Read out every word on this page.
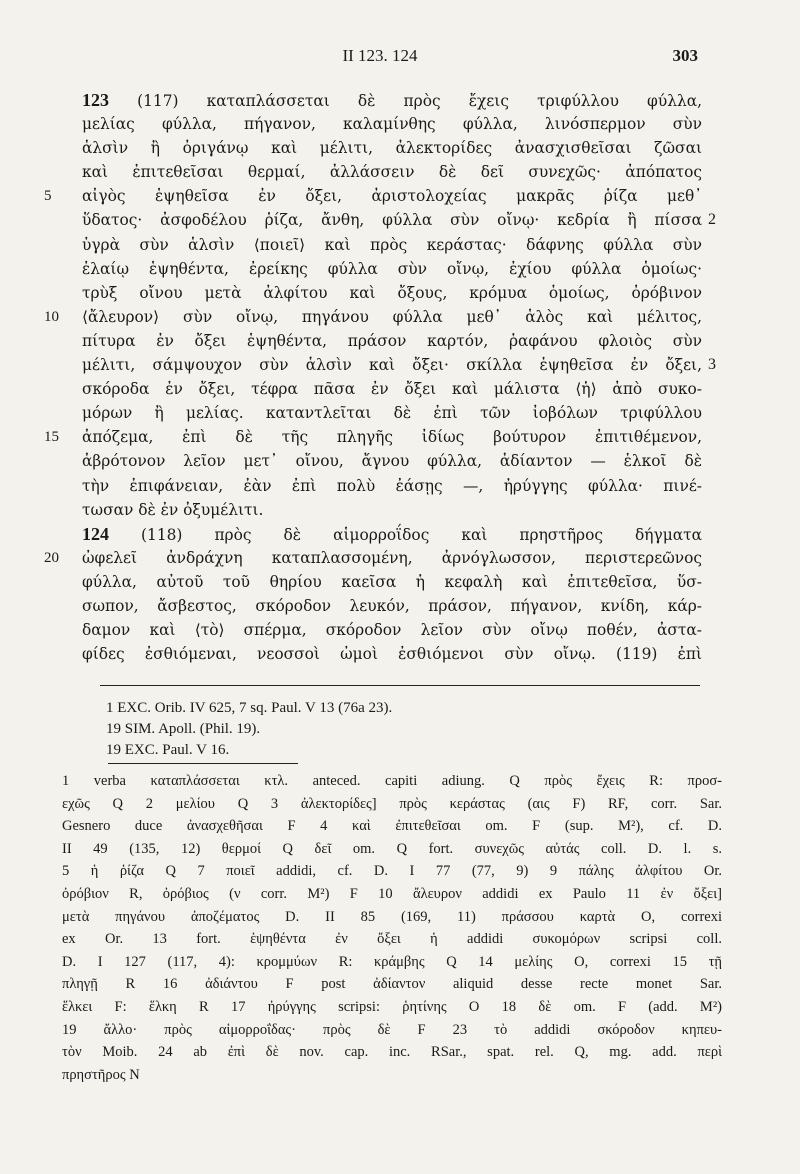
II 123. 124	303
123 (117) καταπλάσσεται δὲ πρὸς ἔχεις τριφύλλου φύλλα,
μελίας φύλλα, πήγανον, καλαμίνθης φύλλα, λινόσπερμον σὺν
ἁλσὶν ἢ ὀριγάνῳ καὶ μέλιτι, ἀλεκτορίδες ἀνασχισθεῖσαι ζῶσαι
καὶ ἐπιτεθεῖσαι θερμαί, ἀλλάσσειν δὲ δεῖ συνεχῶς· ἀπόπατος
5	αἰγὸς ἑψηθεῖσα ἐν ὄξει, ἀριστολοχείας μακρᾶς ῥίζα μεθ᾽
ὕδατος· ἀσφοδέλου ῥίζα, ἄνθη, φύλλα σὺν οἴνῳ· κεδρία ἢ πίσσα 2
ὑγρὰ σὺν ἁλσὶν ⟨ποιεῖ⟩ καὶ πρὸς κεράστας· δάφνης φύλλα σὺν
ἐλαίῳ ἑψηθέντα, ἐρείκης φύλλα σὺν οἴνῳ, ἐχίου φύλλα ὁμοίως·
τρὺξ οἴνου μετὰ ἀλφίτου καὶ ὄξους, κρόμυα ὁμοίως, ὀρόβινον
10	⟨ἄλευρον⟩ σὺν οἴνῳ, πηγάνου φύλλα μεθ᾽ ἁλὸς καὶ μέλιτος,
πίτυρα ἐν ὄξει ἑψηθέντα, πράσον καρτόν, ῥαφάνου φλοιὸς σὺν
μέλιτι, σάμψουχον σὺν ἁλσὶν καὶ ὄξει· σκίλλα ἑψηθεῖσα ἐν ὄξει, 3
σκόροδα ἐν ὄξει, τέφρα πᾶσα ἐν ὄξει καὶ μάλιστα ⟨ἡ⟩ ἀπὸ συκο-
μόρων ἢ μελίας. καταντλεῖται δὲ ἐπὶ τῶν ἰοβόλων τριφύλλου
15	ἀπόζεμα, ἐπὶ δὲ τῆς πληγῆς ἰδίως βούτυρον ἐπιτιθέμενον,
ἀβρότονον λεῖον μετ᾽ οἴνου, ἄγνου φύλλα, ἀδίαντον — ἑλκοῖ δὲ
τὴν ἐπιφάνειαν, ἐὰν ἐπὶ πολὺ ἐάσῃς —, ἠρύγγης φύλλα· πινέ-
τωσαν δὲ ἐν ὀξυμέλιτι.
124 (118) πρὸς δὲ αἱμορροΐδος καὶ πρηστῆρος δήγματα
20	ὠφελεῖ ἀνδράχνη καταπλασσομένη, ἀρνόγλωσσον, περιστερεῶνος
φύλλα, αὐτοῦ τοῦ θηρίου καεῖσα ἡ κεφαλὴ καὶ ἐπιτεθεῖσα, ὕσ-
σωπον, ἄσβεστος, σκόροδον λευκόν, πράσον, πήγανον, κνίδη, κάρ-
δαμον καὶ ⟨τὸ⟩ σπέρμα, σκόροδον λεῖον σὺν οἴνῳ ποθέν, ἀστα-
φίδες ἐσθιόμεναι, νεοσσοὶ ὠμοὶ ἐσθιόμενοι σὺν οἴνῳ. (119) ἐπὶ
1 EXC. Orib. IV 625, 7 sq. Paul. V 13 (76a 23).
19 SIM. Apoll. (Phil. 19).
19 EXC. Paul. V 16.
1 verba καταπλάσσεται κτλ. anteced. capiti adiung. Q πρὸς ἔχεις R: προσ-
εχῶς Q 2 μελίου Q 3 ἀλεκτορίδες] πρὸς κεράστας (αις F) RF, corr. Sar.
Gesnero duce ἀνασχεθῆσαι F 4 καὶ ἐπιτεθεῖσαι om. F (sup. M²), cf. D.
II 49 (135, 12) θερμοί Q δεῖ om. Q fort. συνεχῶς αὐτάς coll. D. l. s.
5 ἡ ῥίζα Q 7 ποιεῖ addidi, cf. D. I 77 (77, 9) 9 πάλης ἀλφίτου Or.
ὀρόβιον R, ὀρόβιος (ν corr. M²) F 10 ἄλευρον addidi ex Paulo 11 ἐν ὄξει]
μετὰ πηγάνου ἀποζέματος D. II 85 (169, 11) πράσσου καρτὰ O, correxi
ex Or. 13 fort. ἑψηθέντα ἐν ὄξει ἡ addidi συκομόρων scripsi coll.
D. I 127 (117, 4): κρομμύων R: κράμβης Q 14 μελίης O, correxi 15 τῇ
πληγῇ R 16 ἀδιάντου F post ἀδίαντον aliquid desse recte monet Sar.
ἕλκει F: ἕλκη R 17 ἠρύγγης scripsi: ῥητίνης O 18 δὲ om. F (add. M²)
19 ἄλλο· πρὸς αἱμορροΐδας· πρὸς δὲ F 23 τὸ addidi σκόροδον κηπευ-
τὸν Moib. 24 ab ἐπὶ δὲ nov. cap. inc. RSar., spat. rel. Q, mg. add. περὶ
πρηστῆρος N
